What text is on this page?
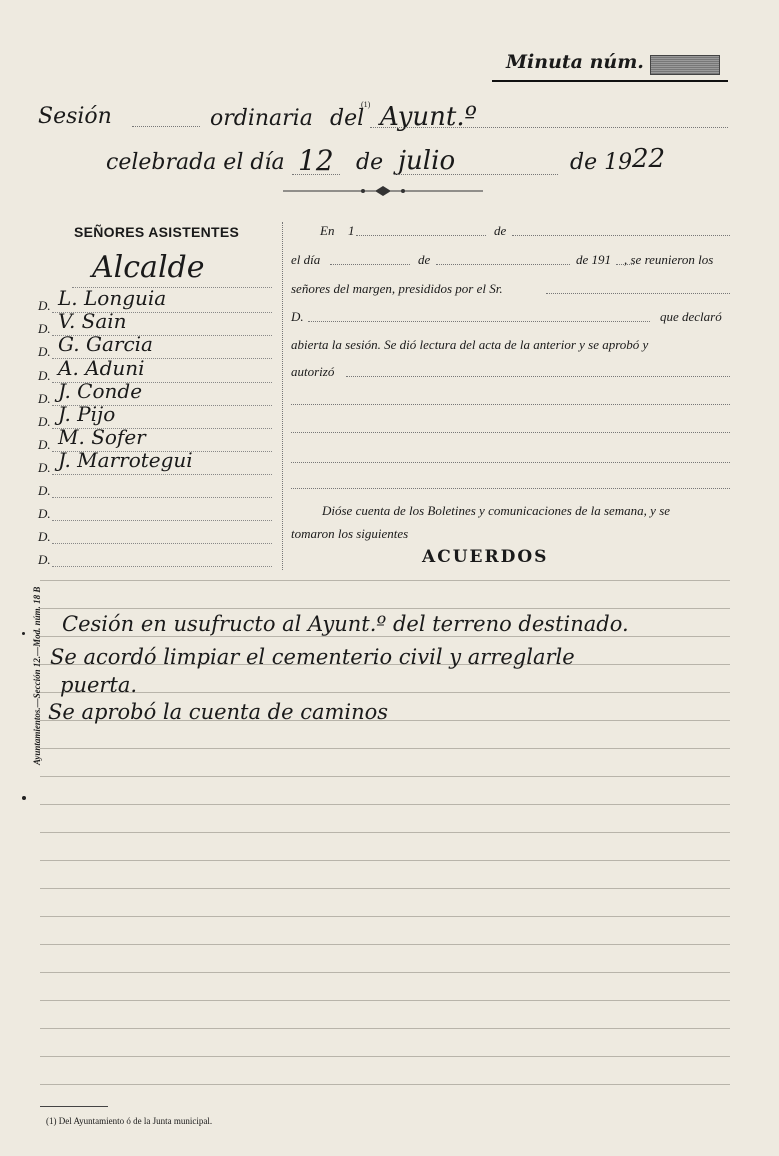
Minuta núm.
Sesión	ordinaria del
(1) Ayunt.º
celebrada el día 12 de julio	de 19 22
SEÑORES ASISTENTES
Alcalde
D. L. Longuia
D. V. Sain
D. G. Garcia
D. A. Aduni
D. J. Conde
D. J. Pijo
D. M. Sofer
D. J. Marrotegui
D.
D.
D.
D.
En 1	de
el día	de	de 191 , se reunieron los
señores del margen, presididos por el Sr.
D.	que declaró
abierta la sesión. Se dió lectura del acta de la anterior y se aprobó y
autorizó
Dióse cuenta de los Boletines y comunicaciones de la semana, y se
tomaron los siguientes
ACUERDOS
Ayuntamientos.—Sección 12.—Mod. núm. 18 B
Cesión en usufructo al Ayunt.º del terreno destinado.
Se acordó limpiar el cementerio civil y arreglarle
puerta.
Se aprobó la cuenta de caminos
(1) Del Ayuntamiento ó de la Junta municipal.
